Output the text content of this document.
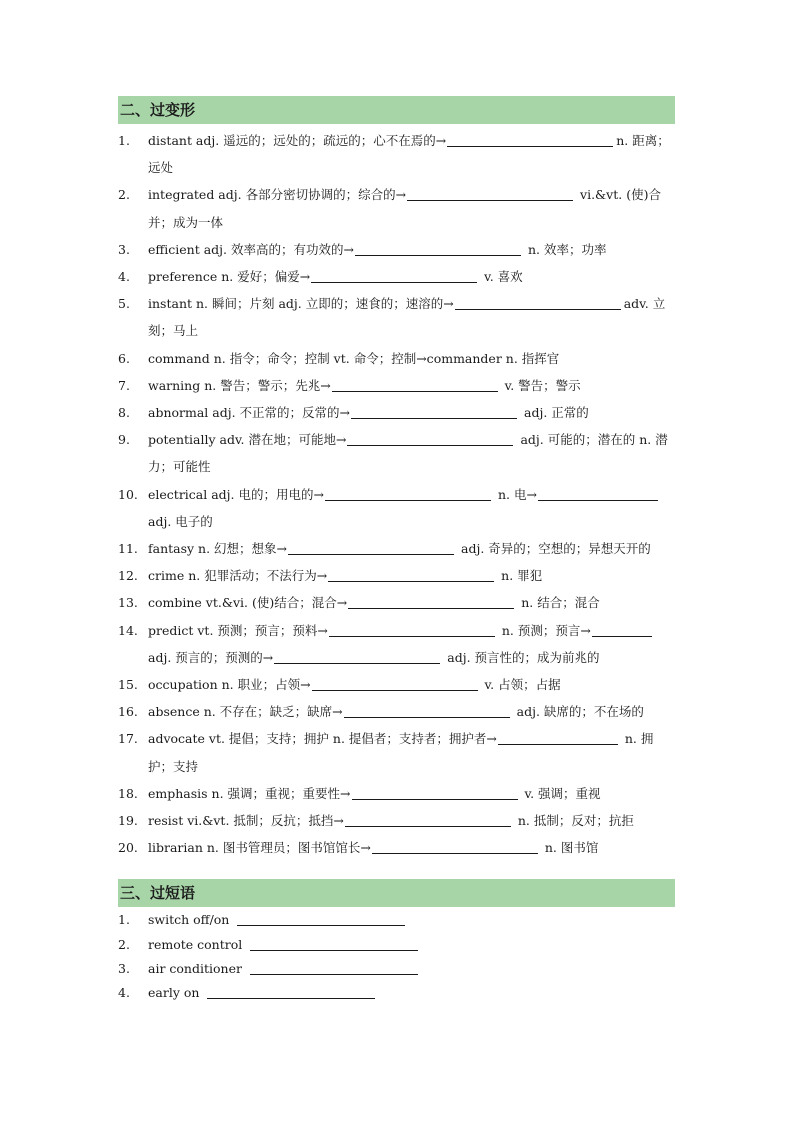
二、过变形
1.	distant adj. 遥远的；远处的；疏远的；心不在焉的→	n. 距离；远处
2.	integrated adj. 各部分密切协调的；综合的→	vi.&vt. (使)合并；成为一体
3.	efficient adj. 效率高的；有功效的→	n. 效率；功率
4.	preference n. 爱好；偏爱→	v. 喜欢
5.	instant n. 瞬间；片刻 adj. 立即的；速食的；速溶的→	adv. 立刻；马上
6.	command n. 指令；命令；控制 vt. 命令；控制→commander n. 指挥官
7.	warning n. 警告；警示；先兆→	v. 警告；警示
8.	abnormal adj. 不正常的；反常的→	adj. 正常的
9.	potentially adv. 潜在地；可能地→	adj. 可能的；潜在的 n. 潜力；可能性
10. electrical adj. 电的；用电的→	n. 电→ adj. 电子的
11. fantasy n. 幻想；想象→	adj. 奇异的；空想的；异想天开的
12. crime n. 犯罪活动；不法行为→	n. 罪犯
13. combine vt.&vi. (使)结合；混合→	n. 结合；混合
14. predict vt. 预测；预言；预料→	n. 预测；预言→ adj. 预言的；预测的→	adj. 预言性的；成为前兆的
15. occupation n. 职业；占领→	v. 占领；占据
16. absence n. 不存在；缺乏；缺席→	adj. 缺席的；不在场的
17. advocate vt. 提倡；支持；拥护 n. 提倡者；支持者；拥护者→	n. 拥护；支持
18. emphasis n. 强调；重视；重要性→	v. 强调；重视
19. resist vi.&vt. 抵制；反抗；抵挡→	n. 抵制；反对；抗拒
20. librarian n. 图书管理员；图书馆馆长→	n. 图书馆
三、过短语
1.	switch off/on
2.	remote control
3.	air conditioner
4.	early on
